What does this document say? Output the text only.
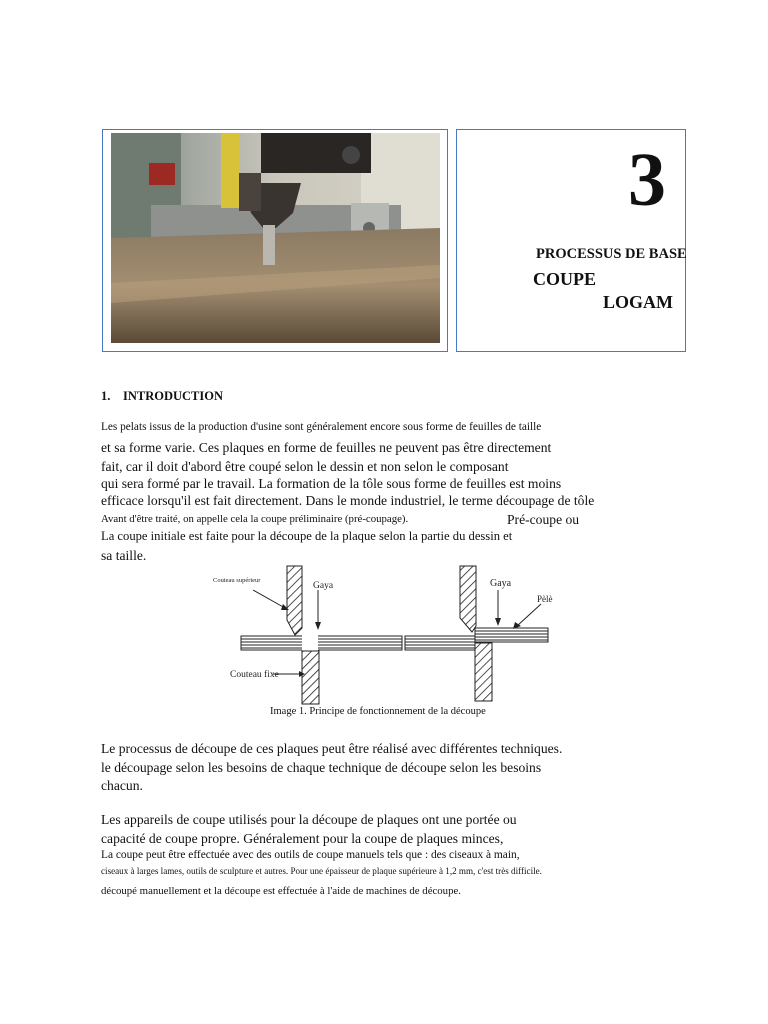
3
PROCESSUS DE BASE
COUPE
LOGAM
1. INTRODUCTION
Les pelats issus de la production d'usine sont généralement encore sous forme de feuilles de taille
et sa forme varie. Ces plaques en forme de feuilles ne peuvent pas être directement
fait, car il doit d'abord être coupé selon le dessin et non selon le composant
qui sera formé par le travail. La formation de la tôle sous forme de feuilles est moins
efficace lorsqu'il est fait directement. Dans le monde industriel, le terme découpage de tôle
Avant d'être traité, on appelle cela la coupe préliminaire (pré-coupage).	Pré-coupe ou
La coupe initiale est faite pour la découpe de la plaque selon la partie du dessin et
sa taille.
Couteau supérieur
Gaya	Gaya
Pèlè
Couteau fixe
Image 1. Principe de fonctionnement de la découpe
Le processus de découpe de ces plaques peut être réalisé avec différentes techniques.
le découpage selon les besoins de chaque technique de découpe selon les besoins
chacun.
Les appareils de coupe utilisés pour la découpe de plaques ont une portée ou
capacité de coupe propre. Généralement pour la coupe de plaques minces,
La coupe peut être effectuée avec des outils de coupe manuels tels que : des ciseaux à main,
ciseaux à larges lames, outils de sculpture et autres. Pour une épaisseur de plaque supérieure à 1,2 mm, c'est très difficile.
découpé manuellement et la découpe est effectuée à l'aide de machines de découpe.
